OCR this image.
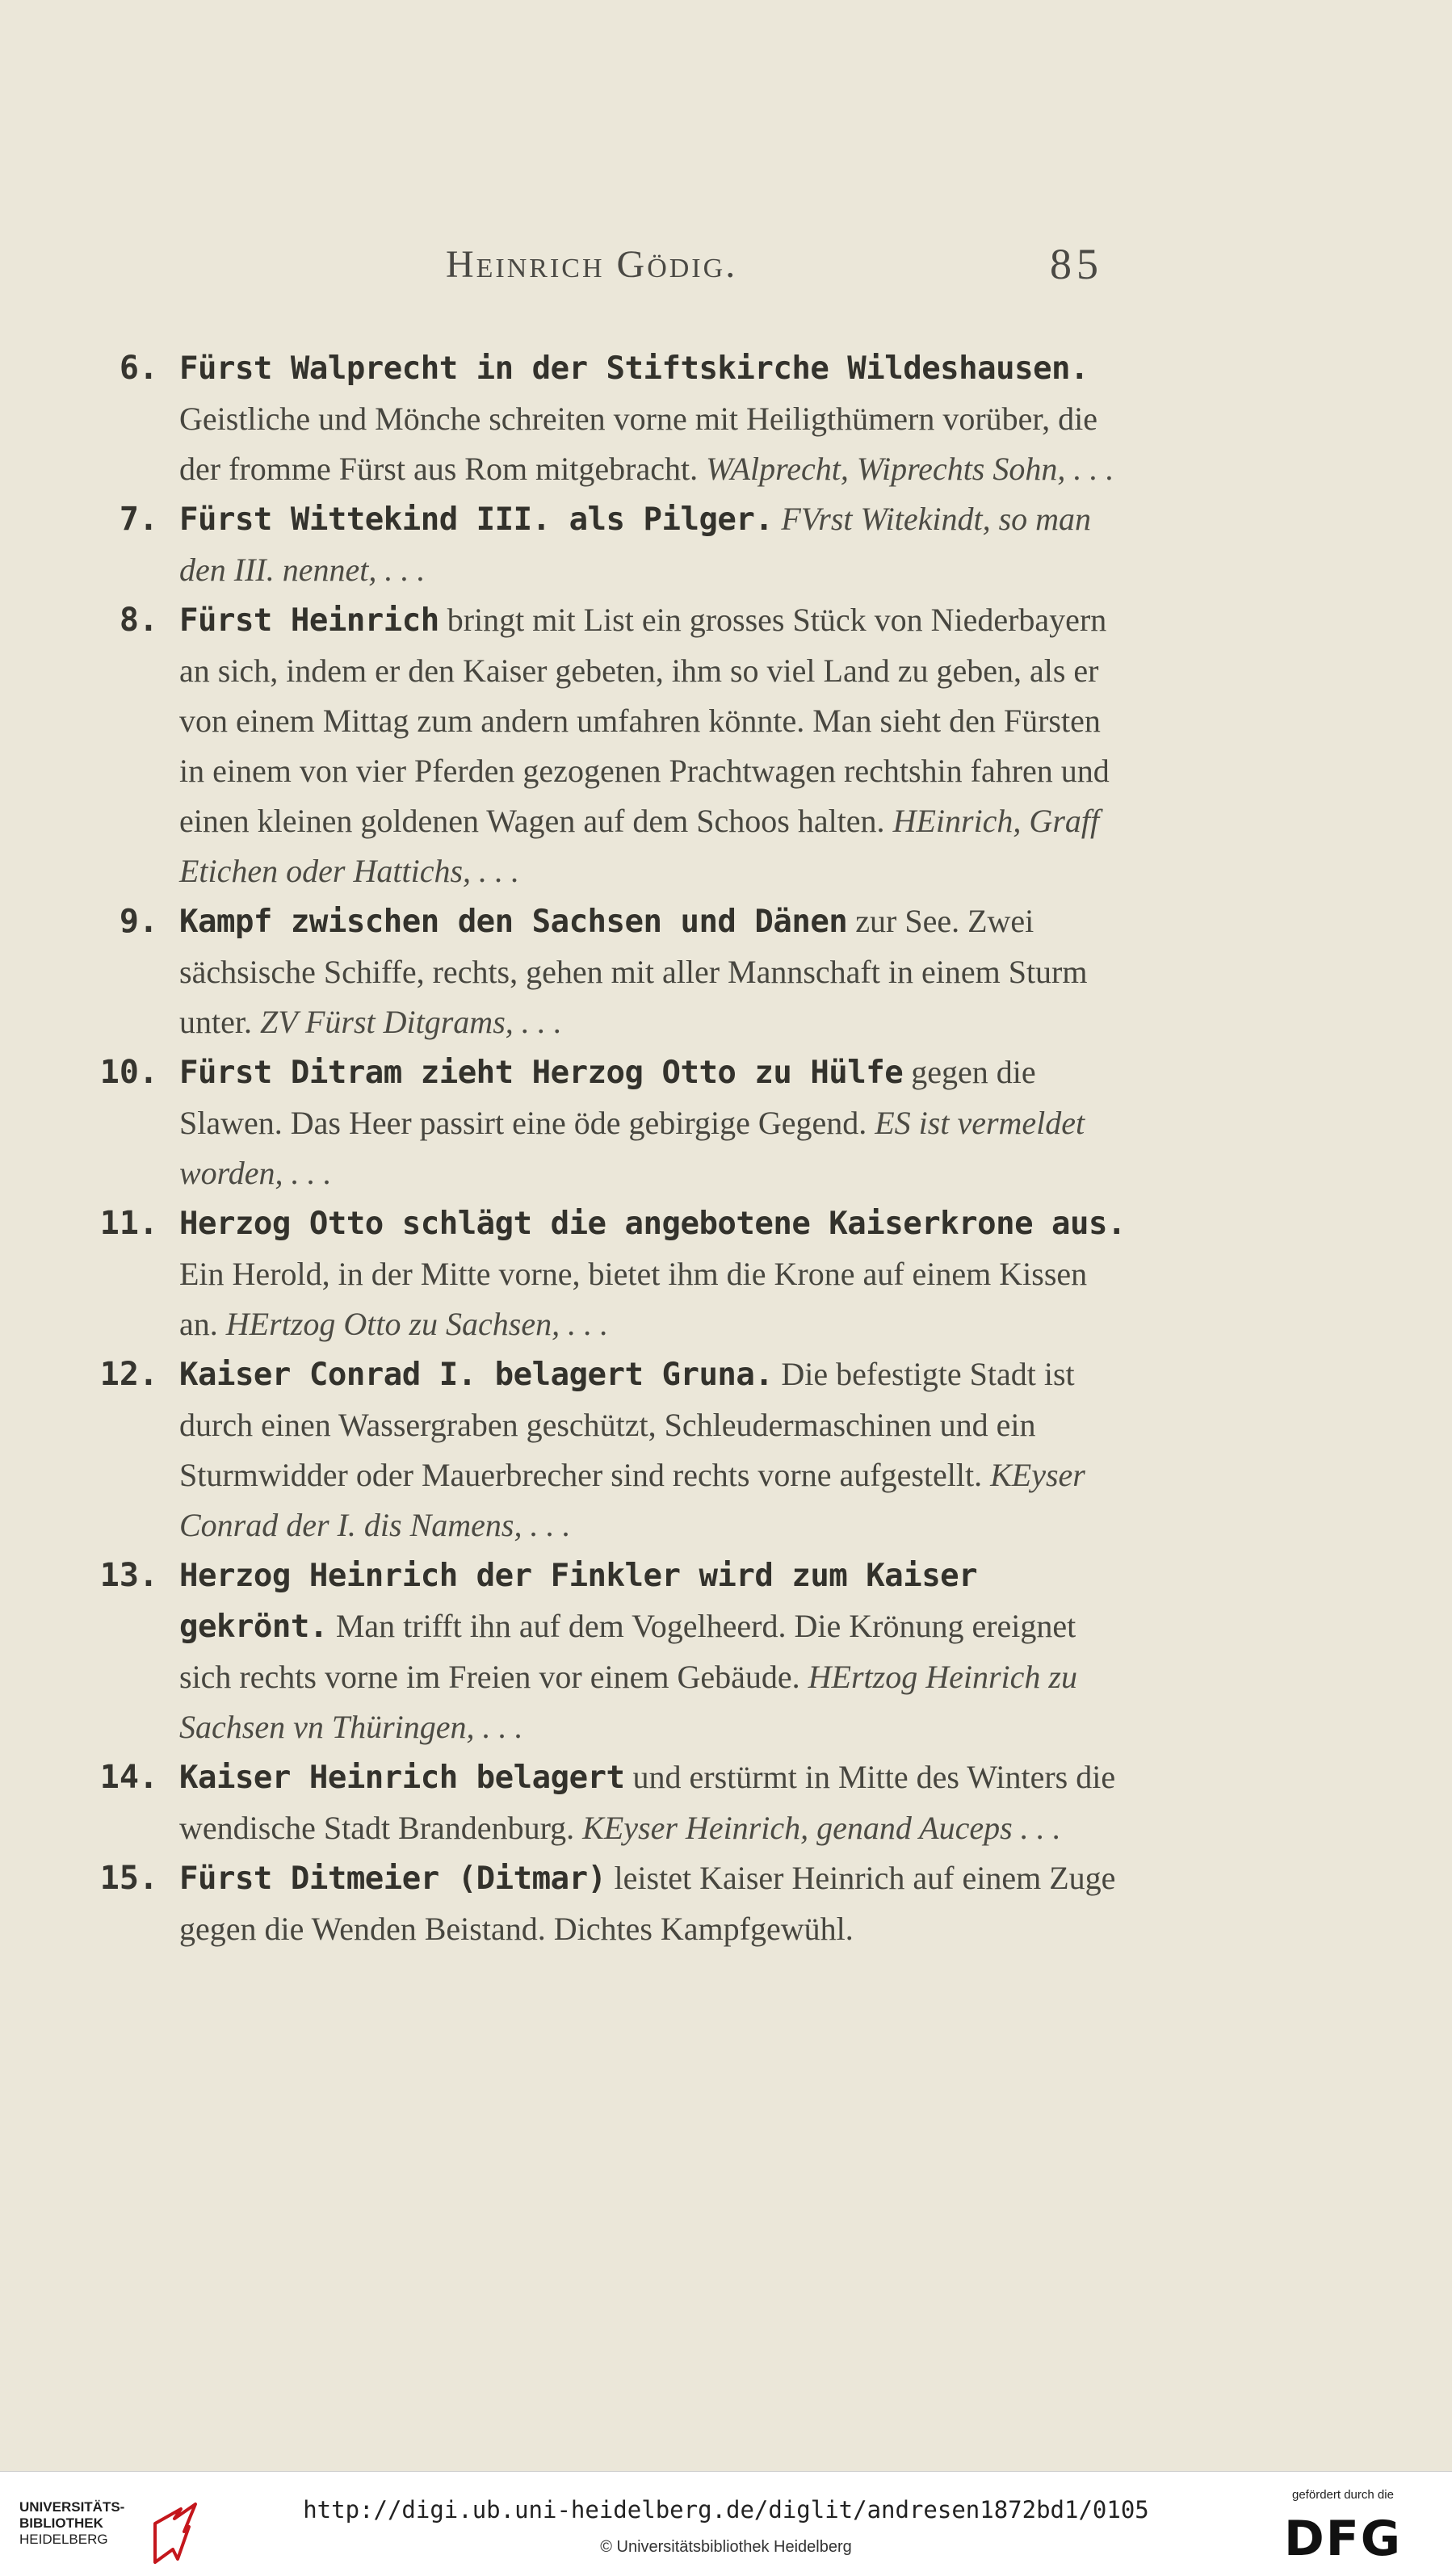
Heinrich Gödig.	85

6. Fürst Walprecht in der Stiftskirche Wildeshausen. Geistliche und Mönche schreiten vorne mit Heiligthümern vorüber, die der fromme Fürst aus Rom mitgebracht. WAlprecht, Wiprechts Sohn, . . .

7. Fürst Wittekind III. als Pilger. FVrst Witekindt, so man den III. nennet, . . .

8. Fürst Heinrich bringt mit List ein grosses Stück von Niederbayern an sich, indem er den Kaiser gebeten, ihm so viel Land zu geben, als er von einem Mittag zum andern umfahren könnte. Man sieht den Fürsten in einem von vier Pferden gezogenen Prachtwagen rechtshin fahren und einen kleinen goldenen Wagen auf dem Schoos halten. HEinrich, Graff Etichen oder Hattichs, . . .

9. Kampf zwischen den Sachsen und Dänen zur See. Zwei sächsische Schiffe, rechts, gehen mit aller Mannschaft in einem Sturm unter. ZV Fürst Ditgrams, . . .

10. Fürst Ditram zieht Herzog Otto zu Hülfe gegen die Slawen. Das Heer passirt eine öde gebirgige Gegend. ES ist vermeldet worden, . . .

11. Herzog Otto schlägt die angebotene Kaiserkrone aus. Ein Herold, in der Mitte vorne, bietet ihm die Krone auf einem Kissen an. HErtzog Otto zu Sachsen, . . .

12. Kaiser Conrad I. belagert Gruna. Die befestigte Stadt ist durch einen Wassergraben geschützt, Schleudermaschinen und ein Sturmwidder oder Mauerbrecher sind rechts vorne aufgestellt. KEyser Conrad der I. dis Namens, . . .

13. Herzog Heinrich der Finkler wird zum Kaiser gekrönt. Man trifft ihn auf dem Vogelheerd. Die Krönung ereignet sich rechts vorne im Freien vor einem Gebäude. HErtzog Heinrich zu Sachsen vn Thüringen, . . .

14. Kaiser Heinrich belagert und erstürmt in Mitte des Winters die wendische Stadt Brandenburg. KEyser Heinrich, genand Auceps . . .

15. Fürst Ditmeier (Ditmar) leistet Kaiser Heinrich auf einem Zuge gegen die Wenden Beistand. Dichtes Kampfgewühl.

UNIVERSITÄTS-
BIBLIOTHEK
HEIDELBERG
http://digi.ub.uni-heidelberg.de/diglit/andresen1872bd1/0105
© Universitätsbibliothek Heidelberg
gefördert durch die
DFG
